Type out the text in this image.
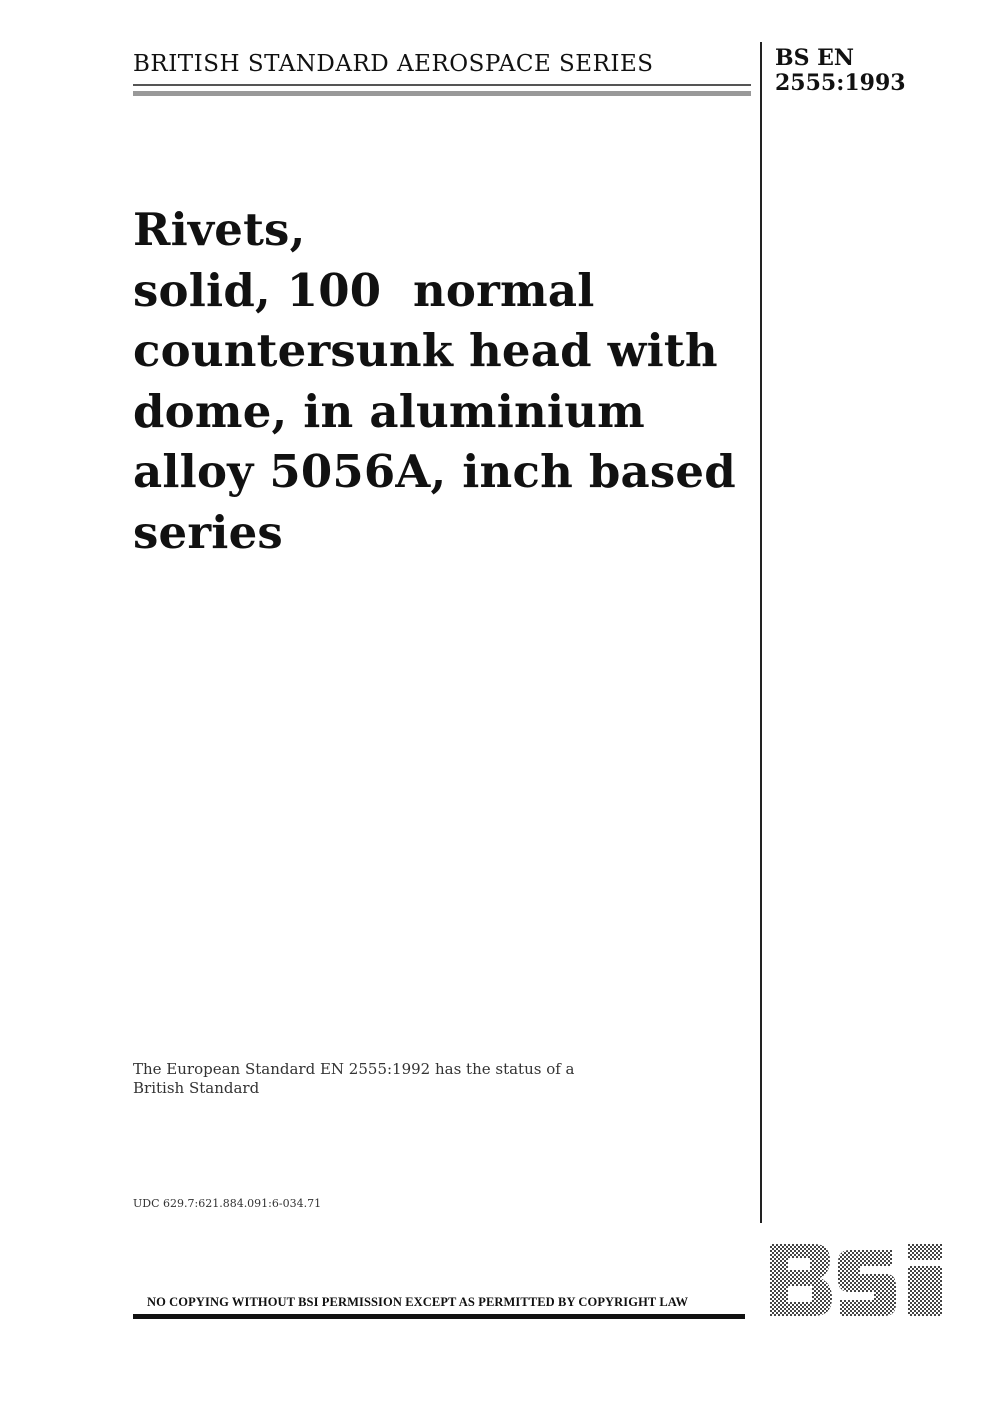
BRITISH STANDARD AEROSPACE SERIES	BS EN
2555:1993
Rivets,
solid, 100  normal
countersunk head with
dome, in aluminium
alloy 5056A, inch based
series
The European Standard EN 2555:1992 has the status of a
British Standard
UDC 629.7:621.884.091:6-034.71
NO COPYING WITHOUT BSI PERMISSION EXCEPT AS PERMITTED BY COPYRIGHT LAW
